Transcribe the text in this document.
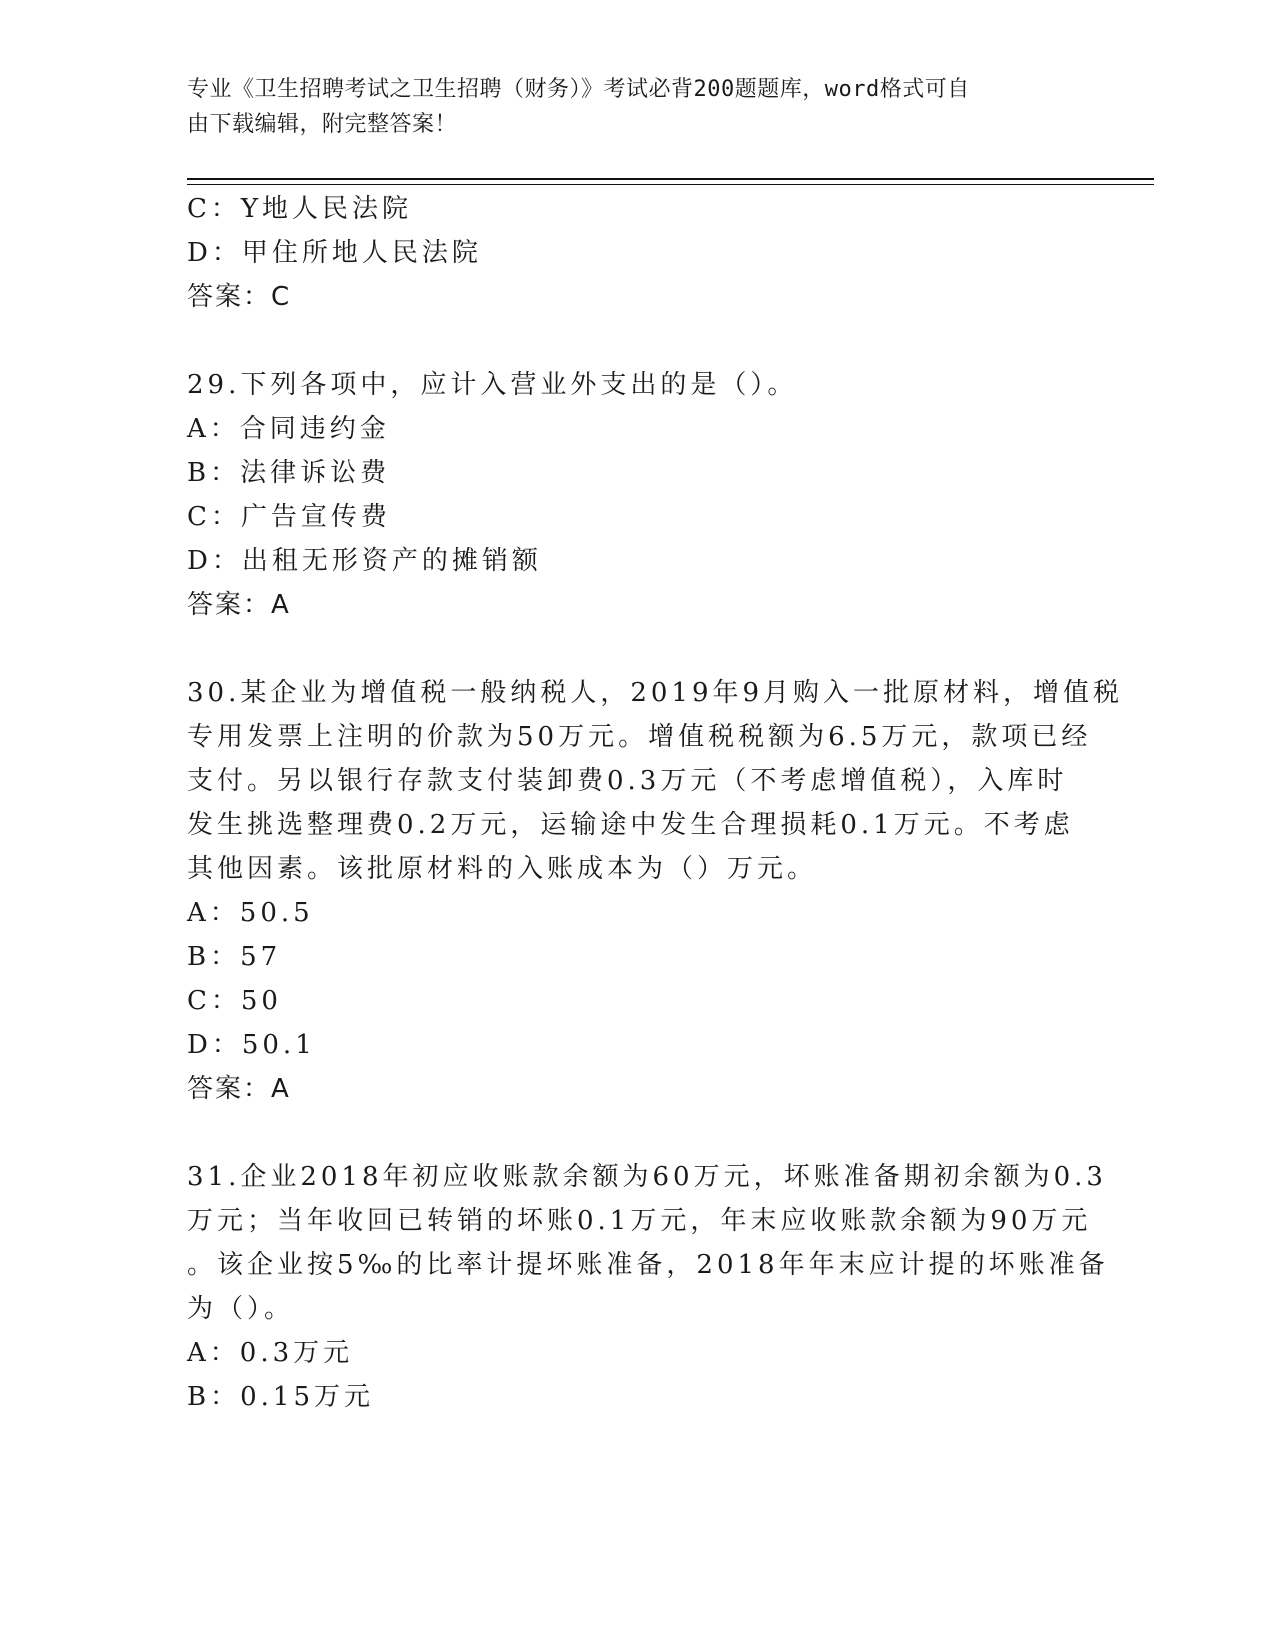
专业《卫生招聘考试之卫生招聘（财务）》考试必背200题题库，word格式可自
由下载编辑，附完整答案！
C：Y地人民法院
D：甲住所地人民法院
答案：C
29.下列各项中，应计入营业外支出的是（）。
A：合同违约金
B：法律诉讼费
C：广告宣传费
D：出租无形资产的摊销额
答案：A
30.某企业为增值税一般纳税人，2019年9月购入一批原材料，增值税
专用发票上注明的价款为50万元。增值税税额为6.5万元，款项已经
支付。另以银行存款支付装卸费0.3万元（不考虑增值税），入库时
发生挑选整理费0.2万元，运输途中发生合理损耗0.1万元。不考虑
其他因素。该批原材料的入账成本为（）万元。
A：50.5
B：57
C：50
D：50.1
答案：A
31.企业2018年初应收账款余额为60万元，坏账准备期初余额为0.3
万元；当年收回已转销的坏账0.1万元，年末应收账款余额为90万元
。该企业按5‰的比率计提坏账准备，2018年年末应计提的坏账准备
为（）。
A：0.3万元
B：0.15万元
